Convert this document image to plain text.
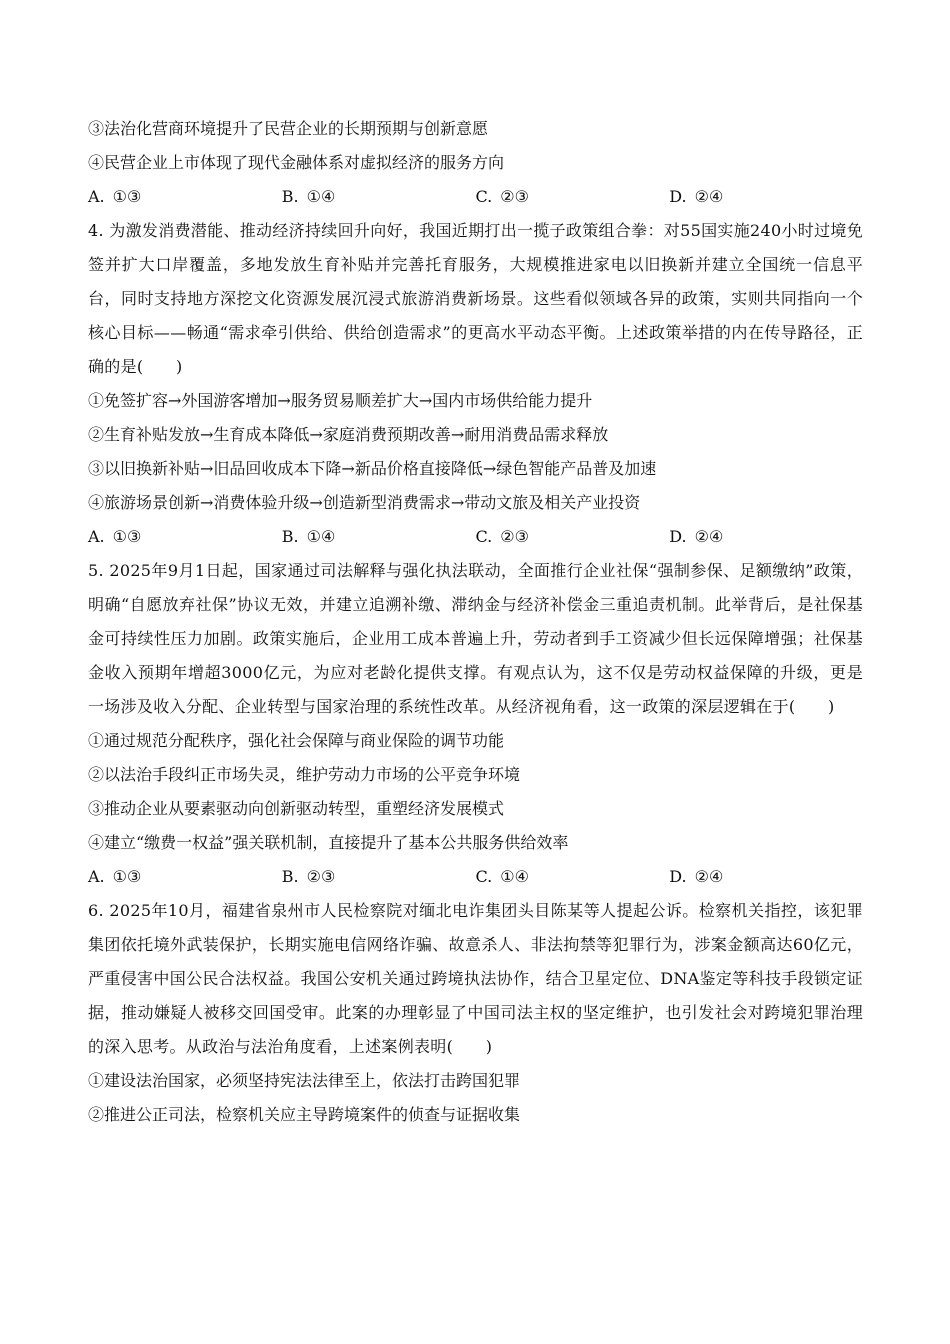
③法治化营商环境提升了民营企业的长期预期与创新意愿
④民营企业上市体现了现代金融体系对虚拟经济的服务方向
A. ①③	B. ①④	C. ②③	D. ②④
4. 为激发消费潜能、推动经济持续回升向好，我国近期打出一揽子政策组合拳：对55国实施240小时过境免签并扩大口岸覆盖，多地发放生育补贴并完善托育服务，大规模推进家电以旧换新并建立全国统一信息平台，同时支持地方深挖文化资源发展沉浸式旅游消费新场景。这些看似领域各异的政策，实则共同指向一个核心目标——畅通“需求牵引供给、供给创造需求”的更高水平动态平衡。上述政策举措的内在传导路径，正确的是(　　)
①免签扩容→外国游客增加→服务贸易顺差扩大→国内市场供给能力提升
②生育补贴发放→生育成本降低→家庭消费预期改善→耐用消费品需求释放
③以旧换新补贴→旧品回收成本下降→新品价格直接降低→绿色智能产品普及加速
④旅游场景创新→消费体验升级→创造新型消费需求→带动文旅及相关产业投资
A. ①③	B. ①④	C. ②③	D. ②④
5. 2025年9月1日起，国家通过司法解释与强化执法联动，全面推行企业社保“强制参保、足额缴纳”政策，明确“自愿放弃社保”协议无效，并建立追溯补缴、滞纳金与经济补偿金三重追责机制。此举背后，是社保基金可持续性压力加剧。政策实施后，企业用工成本普遍上升，劳动者到手工资减少但长远保障增强；社保基金收入预期年增超3000亿元，为应对老龄化提供支撑。有观点认为，这不仅是劳动权益保障的升级，更是一场涉及收入分配、企业转型与国家治理的系统性改革。从经济视角看，这一政策的深层逻辑在于(　　)
①通过规范分配秩序，强化社会保障与商业保险的调节功能
②以法治手段纠正市场失灵，维护劳动力市场的公平竞争环境
③推动企业从要素驱动向创新驱动转型，重塑经济发展模式
④建立“缴费一权益”强关联机制，直接提升了基本公共服务供给效率
A. ①③	B. ②③	C. ①④	D. ②④
6. 2025年10月，福建省泉州市人民检察院对缅北电诈集团头目陈某等人提起公诉。检察机关指控，该犯罪集团依托境外武装保护，长期实施电信网络诈骗、故意杀人、非法拘禁等犯罪行为，涉案金额高达60亿元，严重侵害中国公民合法权益。我国公安机关通过跨境执法协作，结合卫星定位、DNA鉴定等科技手段锁定证据，推动嫌疑人被移交回国受审。此案的办理彰显了中国司法主权的坚定维护，也引发社会对跨境犯罪治理的深入思考。从政治与法治角度看，上述案例表明(　　)
①建设法治国家，必须坚持宪法法律至上，依法打击跨国犯罪
②推进公正司法，检察机关应主导跨境案件的侦查与证据收集
